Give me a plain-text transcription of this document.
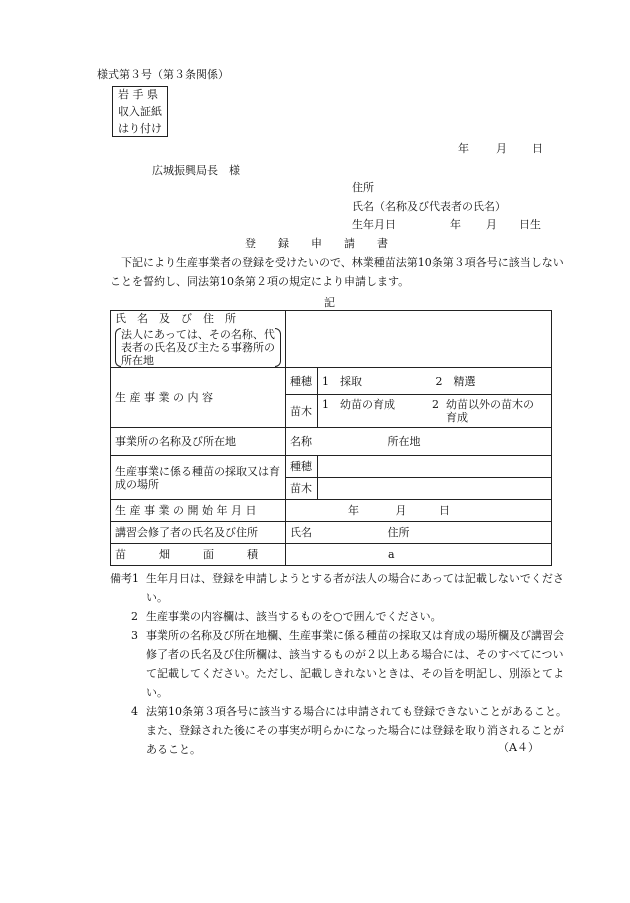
様式第３号（第３条関係）
岩 手 県
収入証紙
はり付け
年 月 日
広城振興局長　様
住所
氏名（名称及び代表者の氏名）
生年月日	年 月 日生
登　　録　　申　　請　　書
下記により生産事業者の登録を受けたいので、林業種苗法第10条第３項各号に該当しないことを誓約し、同法第10条第２項の規定により申請します。
記
氏　名　及　び　住　所
法人にあっては、その名称、代表者の氏名及び主たる事務所の所在地		

生 産 事 業 の 内 容	種穂	1　採取 2　精選
	苗木	1　幼苗の育成 2 幼苗以外の苗木の育成

事業所の名称及び所在地	名称 所在地	
生産事業に係る種苗の採取又は育成の場所	種穂	
	苗木	
生 産 事 業 の 開 始 年 月 日	年 月 日	
講習会修了者の氏名及び住所	氏名 住所	
苗　　　畑　　　面　　　積	a	
備考1 生年月日は、登録を申請しようとする者が法人の場合にあっては記載しないでください。
2 生産事業の内容欄は、該当するものを○で囲んでください。
3 事業所の名称及び所在地欄、生産事業に係る種苗の採取又は育成の場所欄及び講習会修了者の氏名及び住所欄は、該当するものが２以上ある場合には、そのすべてについて記載してください。ただし、記載しきれないときは、その旨を明記し、別添とてよい。
4 法第10条第３項各号に該当する場合には申請されても登録できないことがあること。また、登録された後にその事実が明らかになった場合には登録を取り消されることがあること。	（A４）
